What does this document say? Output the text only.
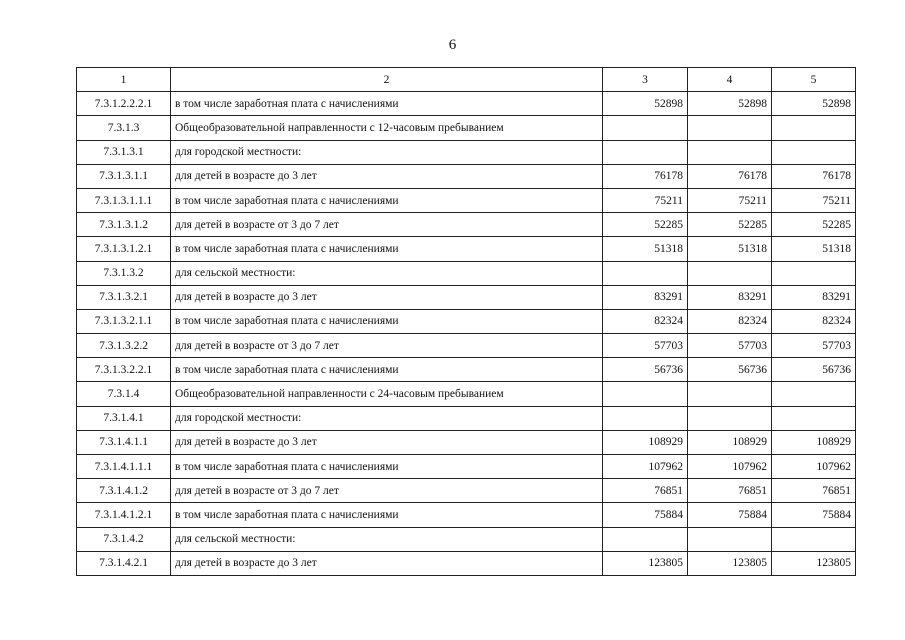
6
1	2	3	4	5
7.3.1.2.2.2.1	в том числе заработная плата с начислениями	52898	52898	52898
7.3.1.3	Общеобразовательной направленности с 12-часовым пребыванием			
7.3.1.3.1	для городской местности:			
7.3.1.3.1.1	для детей в возрасте до 3 лет	76178	76178	76178
7.3.1.3.1.1.1	в том числе заработная плата с начислениями	75211	75211	75211
7.3.1.3.1.2	для детей в возрасте от 3 до 7 лет	52285	52285	52285
7.3.1.3.1.2.1	в том числе заработная плата с начислениями	51318	51318	51318
7.3.1.3.2	для сельской местности:			
7.3.1.3.2.1	для детей в возрасте до 3 лет	83291	83291	83291
7.3.1.3.2.1.1	в том числе заработная плата с начислениями	82324	82324	82324
7.3.1.3.2.2	для детей в возрасте от 3 до 7 лет	57703	57703	57703
7.3.1.3.2.2.1	в том числе заработная плата с начислениями	56736	56736	56736
7.3.1.4	Общеобразовательной направленности с 24-часовым пребыванием			
7.3.1.4.1	для городской местности:			
7.3.1.4.1.1	для детей в возрасте до 3 лет	108929	108929	108929
7.3.1.4.1.1.1	в том числе заработная плата с начислениями	107962	107962	107962
7.3.1.4.1.2	для детей в возрасте от 3 до 7 лет	76851	76851	76851
7.3.1.4.1.2.1	в том числе заработная плата с начислениями	75884	75884	75884
7.3.1.4.2	для сельской местности:			
7.3.1.4.2.1	для детей в возрасте до 3 лет	123805	123805	123805
